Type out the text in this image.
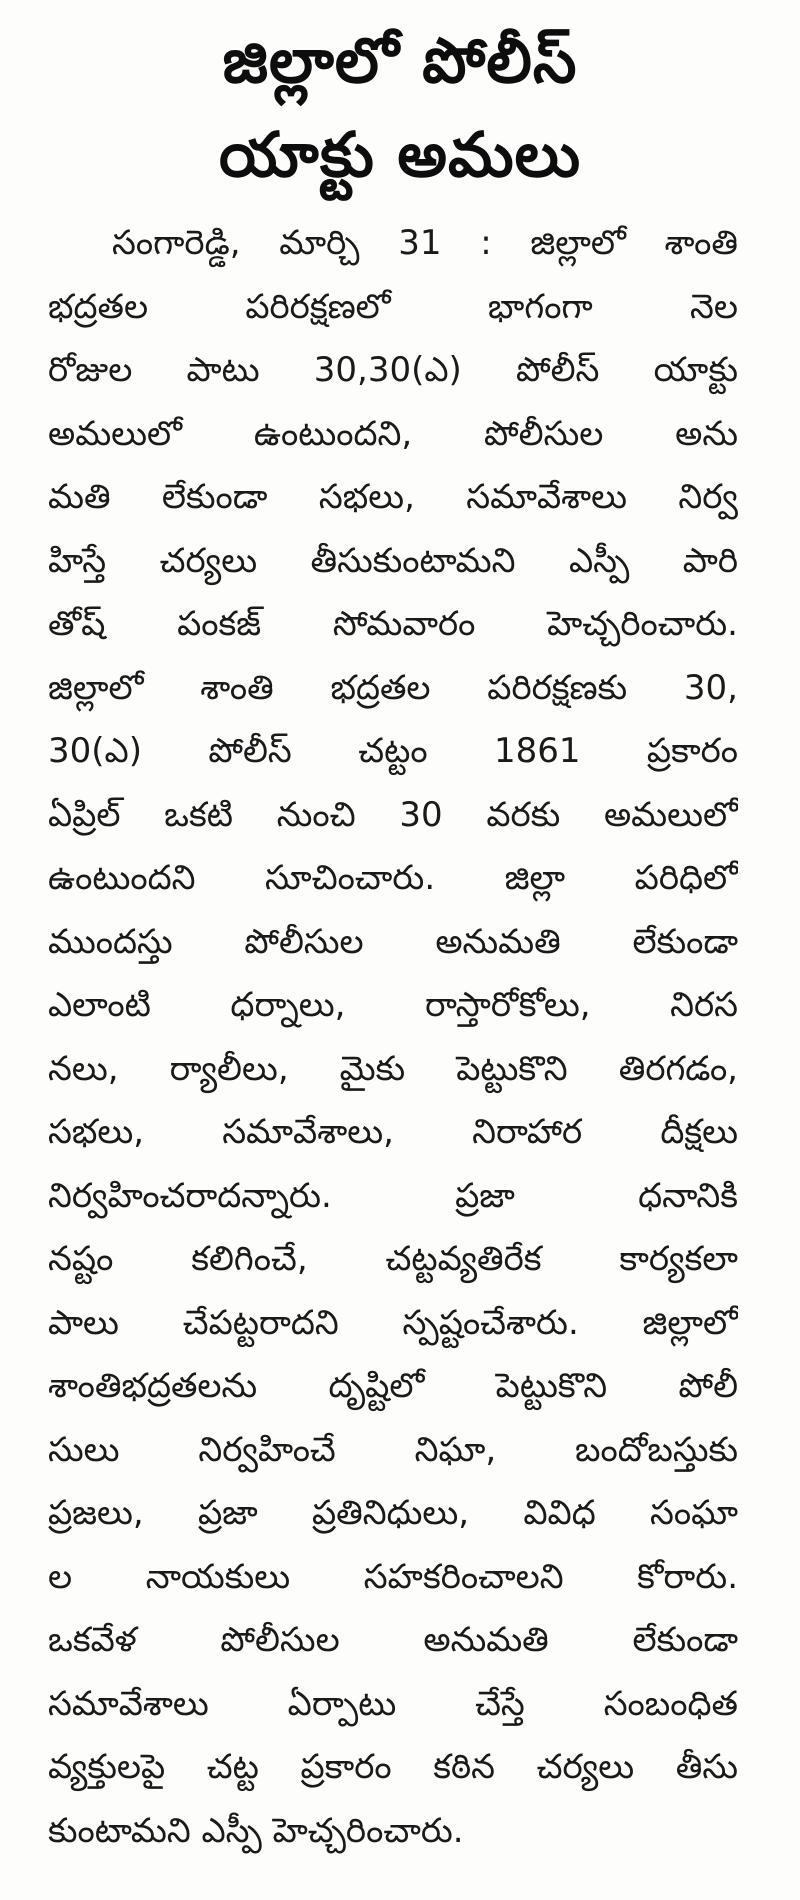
జిల్లాలో పోలీస్
యాక్టు అమలు
సంగారెడ్డి, మార్చి 31 : జిల్లాలో శాంతి
భద్రతల పరిరక్షణలో భాగంగా నెల
రోజుల పాటు 30,30(ఎ) పోలీస్ యాక్టు
అమలులో ఉంటుందని, పోలీసుల అను
మతి లేకుండా సభలు, సమావేశాలు నిర్వ
హిస్తే చర్యలు తీసుకుంటామని ఎస్పీ పారి
తోష్ పంకజ్ సోమవారం హెచ్చరించారు.
జిల్లాలో శాంతి భద్రతల పరిరక్షణకు 30,
30(ఎ) పోలీస్ చట్టం 1861 ప్రకారం
ఏప్రిల్ ఒకటి నుంచి 30 వరకు అమలులో
ఉంటుందని సూచించారు. జిల్లా పరిధిలో
ముందస్తు పోలీసుల అనుమతి లేకుండా
ఎలాంటి ధర్నాలు, రాస్తారోకోలు, నిరస
నలు, ర్యాలీలు, మైకు పెట్టుకొని తిరగడం,
సభలు, సమావేశాలు, నిరాహార దీక్షలు
నిర్వహించరాదన్నారు. ప్రజా ధనానికి
నష్టం కలిగించే, చట్టవ్యతిరేక కార్యకలా
పాలు చేపట్టరాదని స్పష్టంచేశారు. జిల్లాలో
శాంతిభద్రతలను దృష్టిలో పెట్టుకొని పోలీ
సులు నిర్వహించే నిఘా, బందోబస్తుకు
ప్రజలు, ప్రజా ప్రతినిధులు, వివిధ సంఘా
ల నాయకులు సహకరించాలని కోరారు.
ఒకవేళ పోలీసుల అనుమతి లేకుండా
సమావేశాలు ఏర్పాటు చేస్తే సంబంధిత
వ్యక్తులపై చట్ట ప్రకారం కఠిన చర్యలు తీసు
కుంటామని ఎస్పీ హెచ్చరించారు.
